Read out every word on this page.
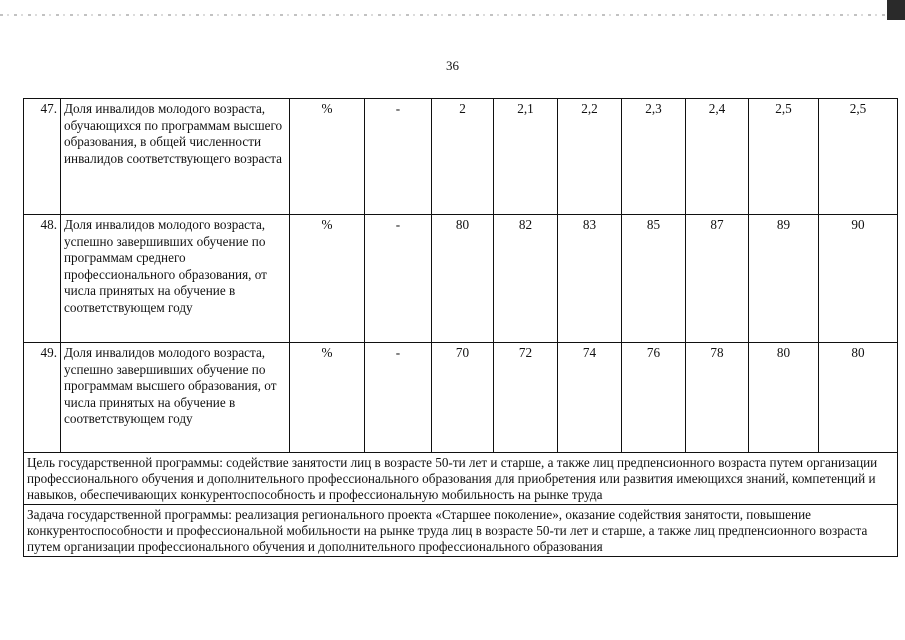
36
47.	Доля инвалидов молодого возраста, обучающихся по программам высшего образования, в общей численности инвалидов соответствующего возраста	%	-	2	2,1	2,2	2,3	2,4	2,5	2,5
48.	Доля инвалидов молодого возраста, успешно завершивших обучение по программам среднего профессионального образования, от числа принятых на обучение в соответствующем году	%	-	80	82	83	85	87	89	90
49.	Доля инвалидов молодого возраста, успешно завершивших обучение по программам высшего образования, от числа принятых на обучение в соответствующем году	%	-	70	72	74	76	78	80	80
Цель государственной программы: содействие занятости лиц в возрасте 50-ти лет и старше, а также лиц предпенсионного возраста путем организации профессионального обучения и дополнительного профессионального образования для приобретения или развития имеющихся знаний, компетенций и навыков, обеспечивающих конкурентоспособность и профессиональную мобильность на рынке труда										
Задача государственной программы: реализация регионального проекта «Старшее поколение», оказание содействия занятости, повышение конкурентоспособности и профессиональной мобильности на рынке труда лиц в возрасте 50-ти лет и старше, а также лиц предпенсионного возраста путем организации профессионального обучения и дополнительного профессионального образования										
